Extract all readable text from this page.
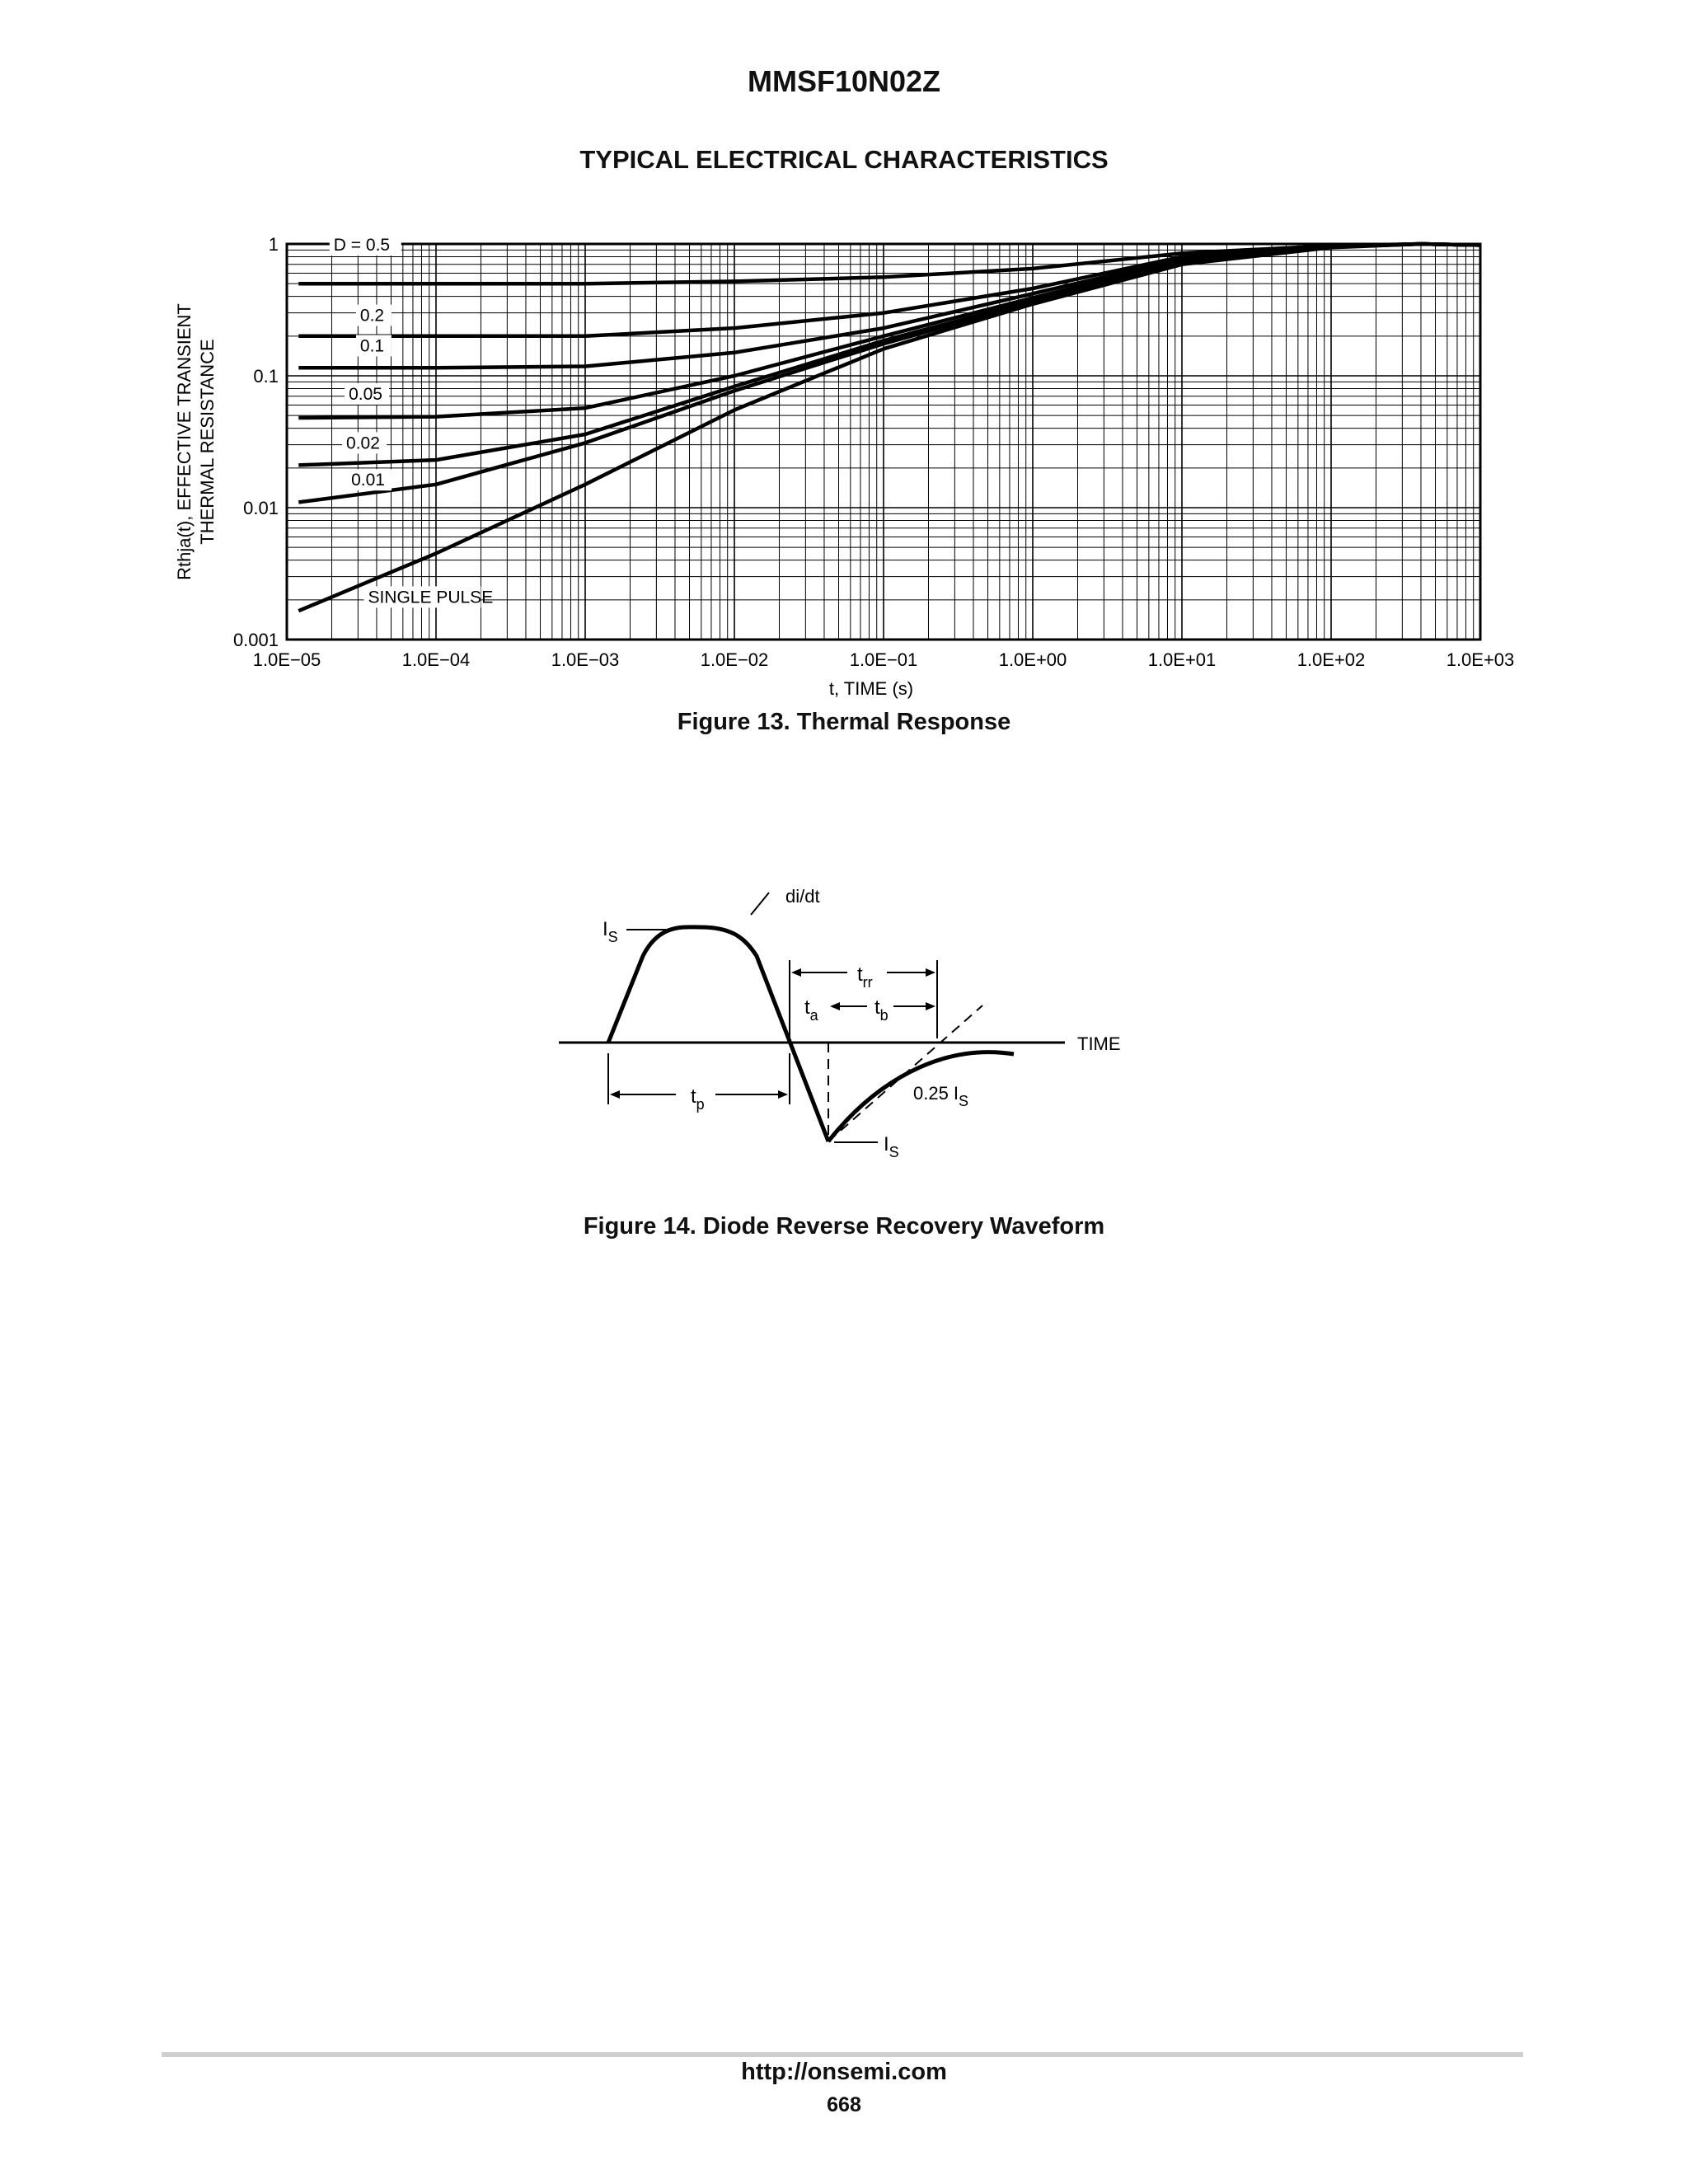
MMSF10N02Z
TYPICAL ELECTRICAL CHARACTERISTICS
D = 0.5
0.2
0.1
0.05
0.02
0.01
SINGLE PULSE
1.0E−05	1.0E−04	1.0E−03	1.0E−02	1.0E−01	1.0E+00	1.0E+01	1.0E+02	1.0E+03
1
0.1
0.01
0.001
t, TIME (s)
Rthja(t), EFFECTIVE TRANSIENT THERMAL RESISTANCE
Figure 13. Thermal Response
$I_S$
di/dt
$t_{rr}$
$t_a$	$t_b$
TIME
$t_p$
0.25 $I_S$
$I_S$
Figure 14. Diode Reverse Recovery Waveform
http://onsemi.com
668
